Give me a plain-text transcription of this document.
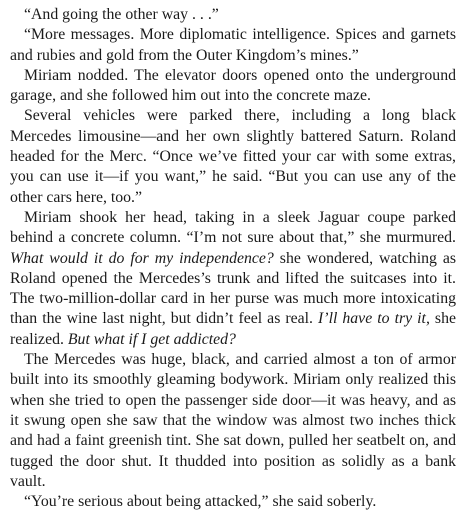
“And going the other way . . .”

“More messages. More diplomatic intelligence. Spices and garnets and rubies and gold from the Outer Kingdom’s mines.”

Miriam nodded. The elevator doors opened onto the underground garage, and she followed him out into the concrete maze.

Several vehicles were parked there, including a long black Mercedes limousine—and her own slightly battered Saturn. Roland headed for the Merc. “Once we’ve fitted your car with some extras, you can use it—if you want,” he said. “But you can use any of the other cars here, too.”

Miriam shook her head, taking in a sleek Jaguar coupe parked behind a concrete column. “I’m not sure about that,” she murmured. What would it do for my independence? she wondered, watching as Roland opened the Mercedes’s trunk and lifted the suitcases into it. The two-million-dollar card in her purse was much more intoxicating than the wine last night, but didn’t feel as real. I’ll have to try it, she realized. But what if I get addicted?

The Mercedes was huge, black, and carried almost a ton of armor built into its smoothly gleaming bodywork. Miriam only realized this when she tried to open the passenger side door—it was heavy, and as it swung open she saw that the window was almost two inches thick and had a faint greenish tint. She sat down, pulled her seatbelt on, and tugged the door shut. It thudded into position as solidly as a bank vault.

“You’re serious about being attacked,” she said soberly.
